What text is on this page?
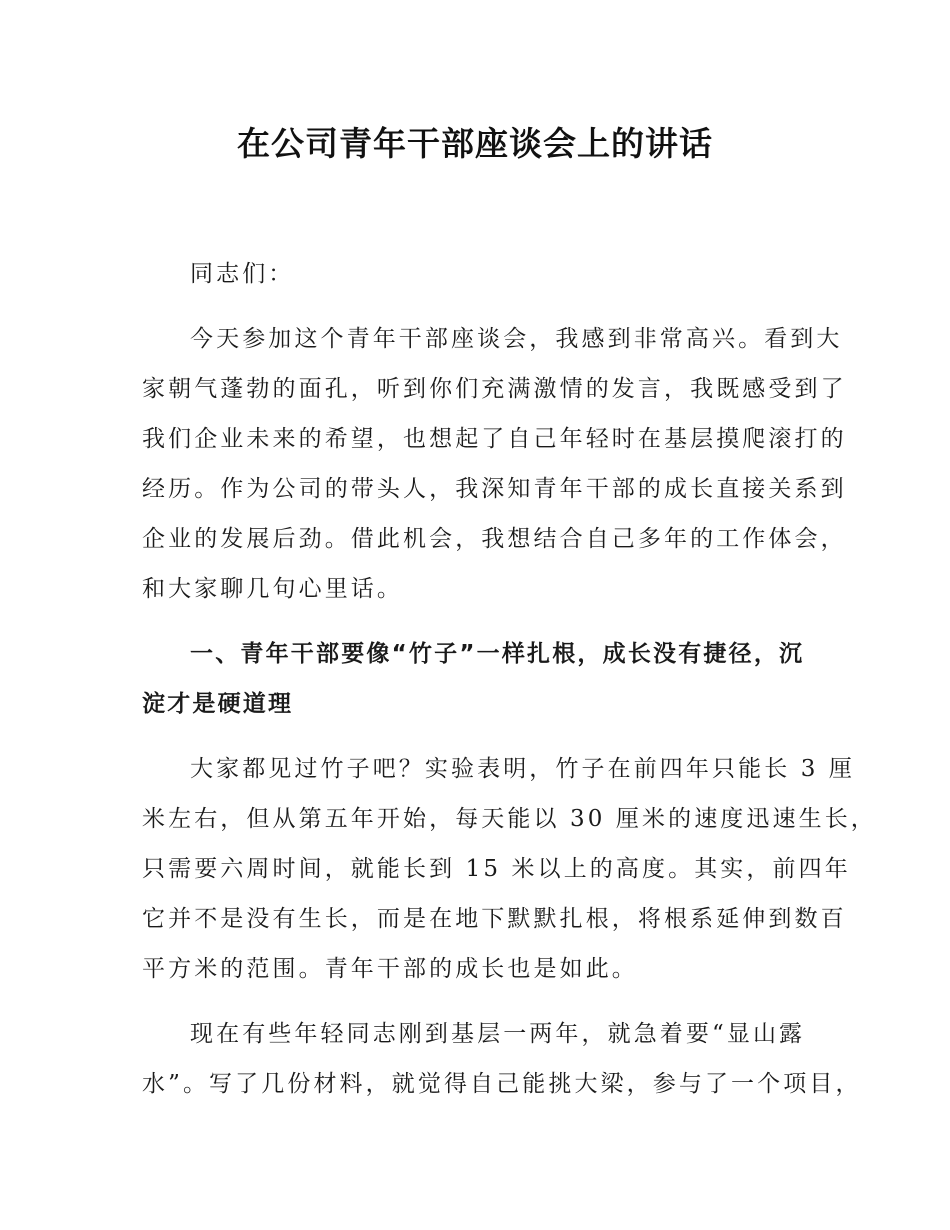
在公司青年干部座谈会上的讲话
同志们：
今天参加这个青年干部座谈会，我感到非常高兴。看到大
家朝气蓬勃的面孔，听到你们充满激情的发言，我既感受到了
我们企业未来的希望，也想起了自己年轻时在基层摸爬滚打的
经历。作为公司的带头人，我深知青年干部的成长直接关系到
企业的发展后劲。借此机会，我想结合自己多年的工作体会，
和大家聊几句心里话。
一、青年干部要像“竹子”一样扎根，成长没有捷径，沉
淀才是硬道理
大家都见过竹子吧？实验表明，竹子在前四年只能长 3 厘
米左右，但从第五年开始，每天能以 30 厘米的速度迅速生长，
只需要六周时间，就能长到 15 米以上的高度。其实，前四年
它并不是没有生长，而是在地下默默扎根，将根系延伸到数百
平方米的范围。青年干部的成长也是如此。
现在有些年轻同志刚到基层一两年，就急着要“显山露
水”。写了几份材料，就觉得自己能挑大梁，参与了一个项目，
